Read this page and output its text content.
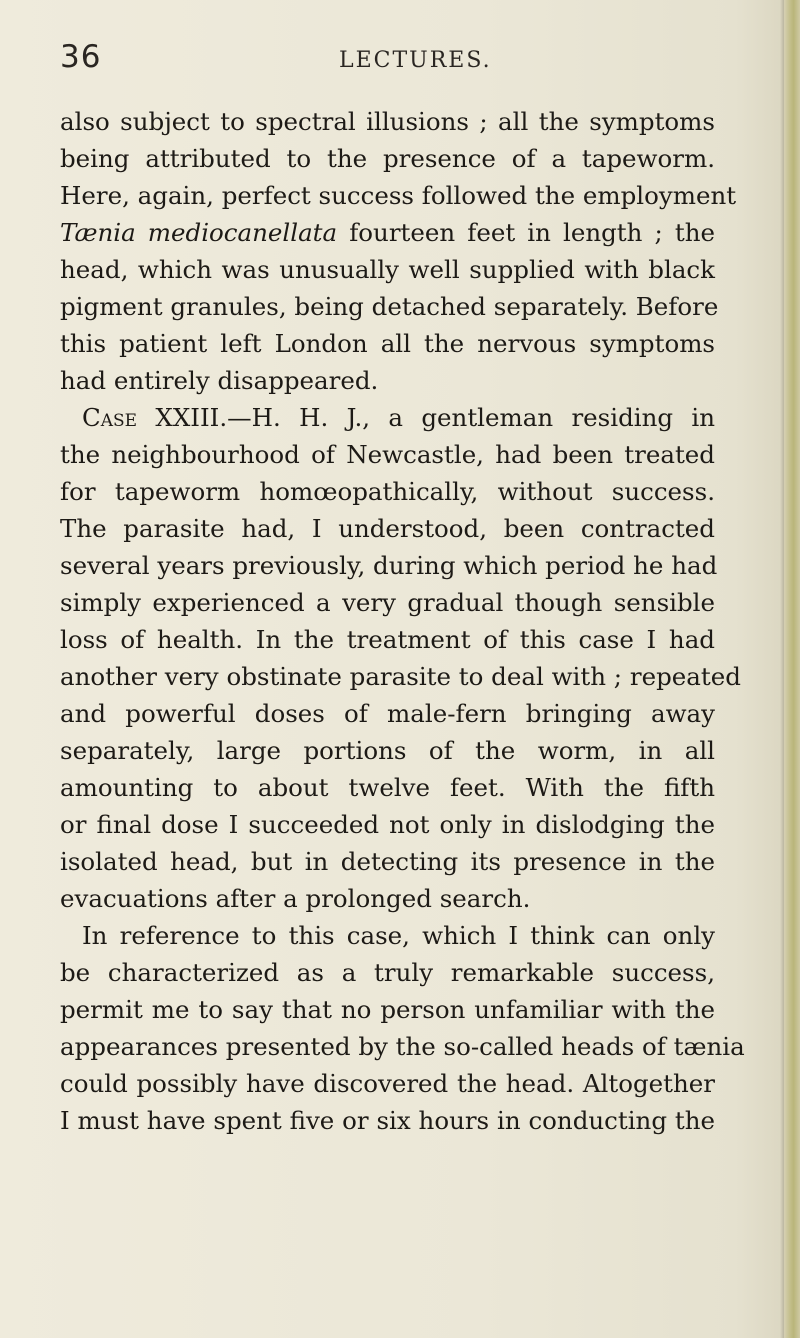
36	LECTURES.
also subject to spectral illusions ; all the symptoms
being attributed to the presence of a tapeworm.
Here, again, perfect success followed the employment
Tænia mediocanellata fourteen feet in length ; the
head, which was unusually well supplied with black
pigment granules, being detached separately. Before
this patient left London all the nervous symptoms
had entirely disappeared.
Case XXIII.—H. H. J., a gentleman residing in
the neighbourhood of Newcastle, had been treated
for tapeworm homœopathically, without success.
The parasite had, I understood, been contracted
several years previously, during which period he had
simply experienced a very gradual though sensible
loss of health. In the treatment of this case I had
another very obstinate parasite to deal with ; repeated
and powerful doses of male-fern bringing away
separately, large portions of the worm, in all
amounting to about twelve feet. With the fifth
or final dose I succeeded not only in dislodging the
isolated head, but in detecting its presence in the
evacuations after a prolonged search.
In reference to this case, which I think can only
be characterized as a truly remarkable success,
permit me to say that no person unfamiliar with the
appearances presented by the so-called heads of tænia
could possibly have discovered the head. Altogether
I must have spent five or six hours in conducting the
